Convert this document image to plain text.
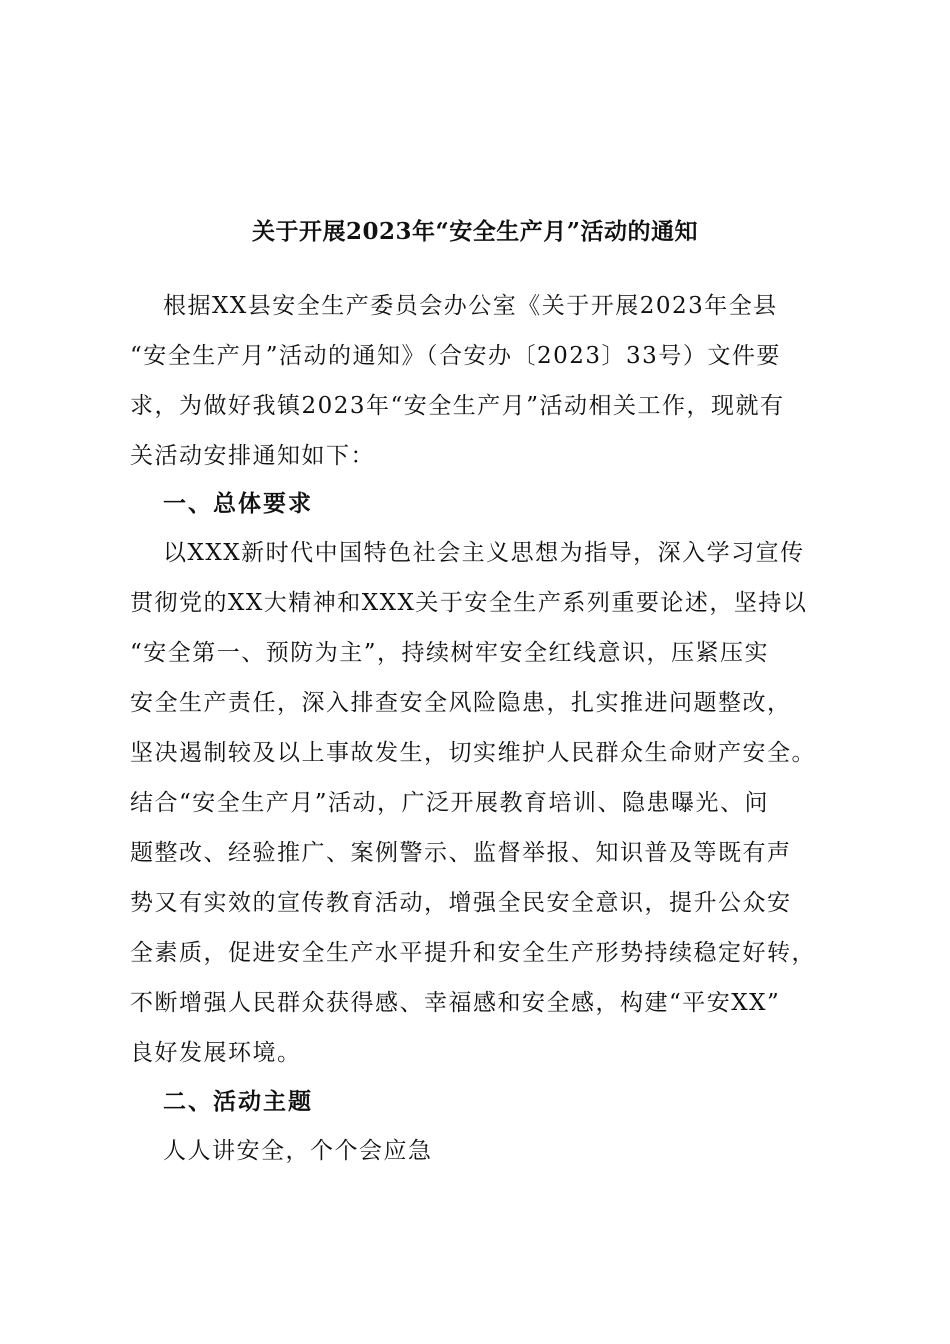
关于开展2023年“安全生产月”活动的通知
根据XX县安全生产委员会办公室《关于开展2023年全县
“安全生产月”活动的通知》（合安办〔2023〕33号）文件要
求，为做好我镇2023年“安全生产月”活动相关工作，现就有
关活动安排通知如下：
一、总体要求
以XXX新时代中国特色社会主义思想为指导，深入学习宣传
贯彻党的XX大精神和XXX关于安全生产系列重要论述，坚持以
“安全第一、预防为主”，持续树牢安全红线意识，压紧压实
安全生产责任，深入排查安全风险隐患，扎实推进问题整改，
坚决遏制较及以上事故发生，切实维护人民群众生命财产安全。
结合“安全生产月”活动，广泛开展教育培训、隐患曝光、问
题整改、经验推广、案例警示、监督举报、知识普及等既有声
势又有实效的宣传教育活动，增强全民安全意识，提升公众安
全素质，促进安全生产水平提升和安全生产形势持续稳定好转，
不断增强人民群众获得感、幸福感和安全感，构建“平安XX”
良好发展环境。
二、活动主题
人人讲安全，个个会应急
